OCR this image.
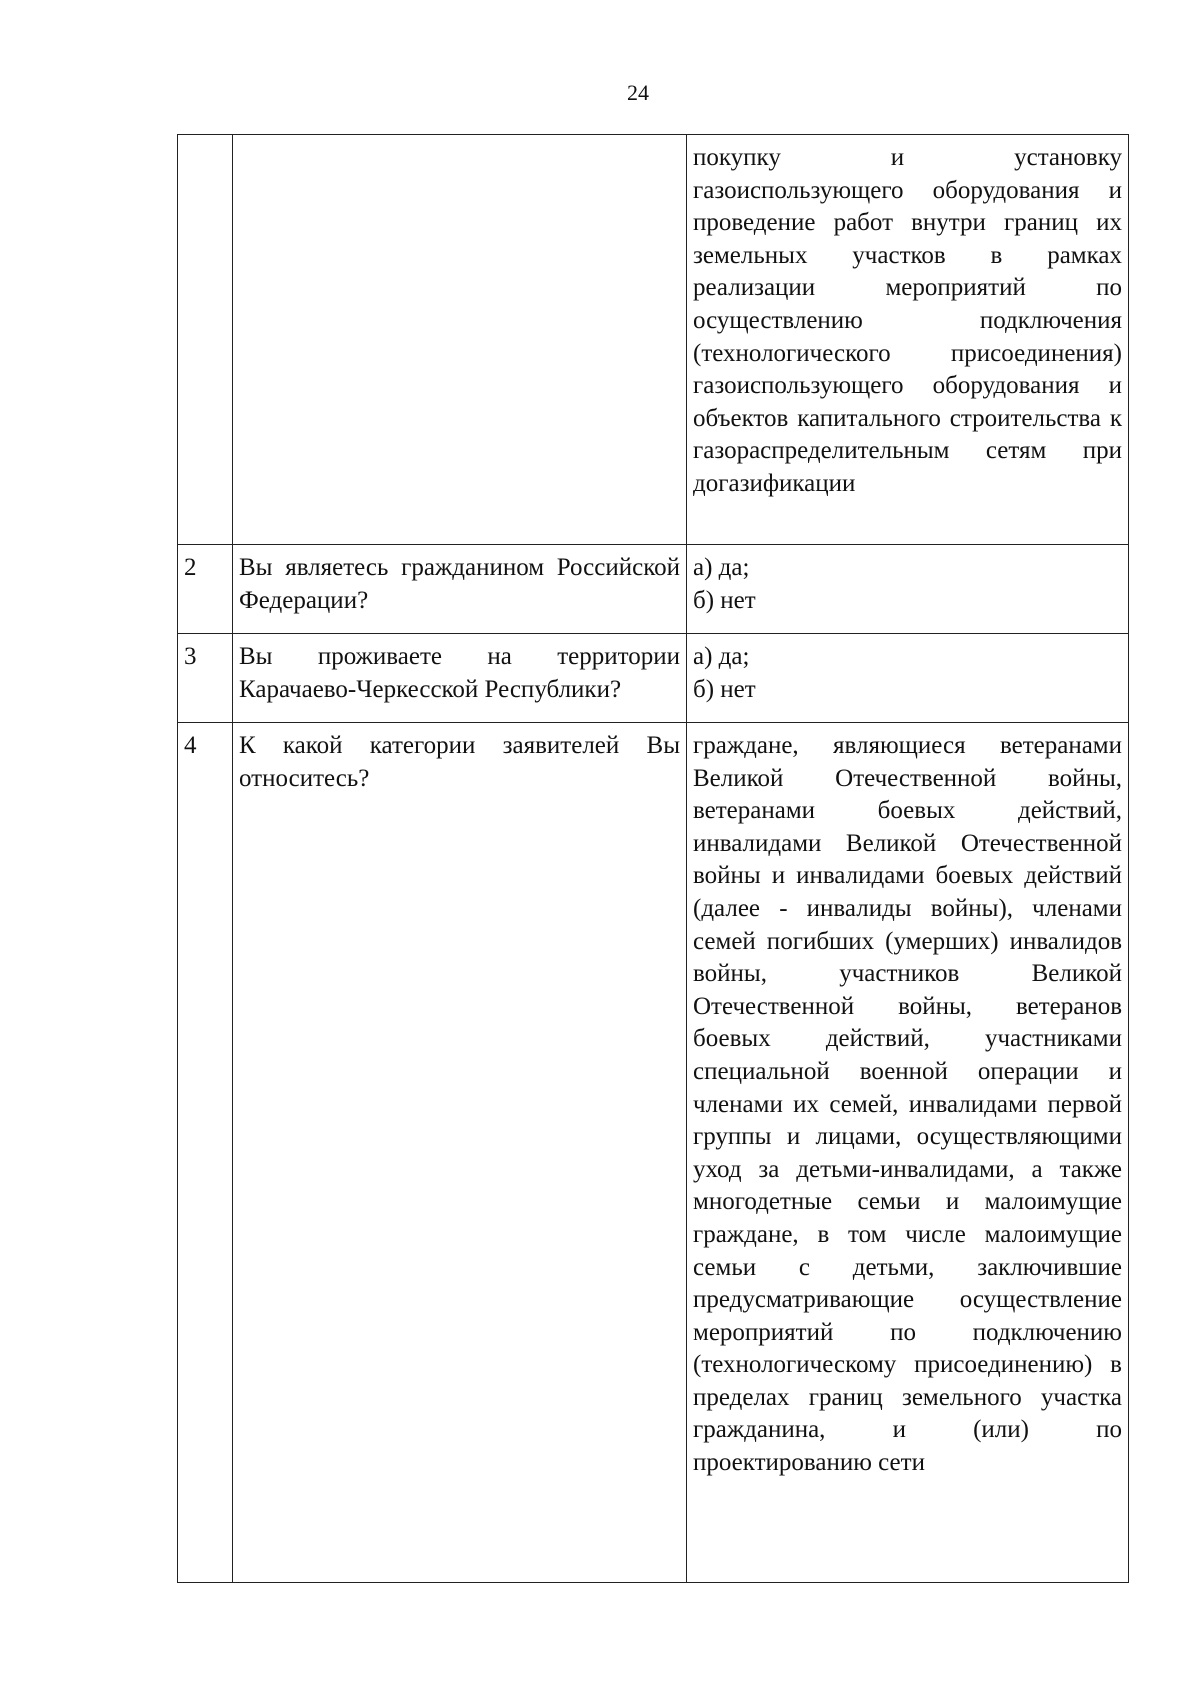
24
		покупку и установку газоиспользующего оборудования и проведение работ внутри границ их земельных участков в рамках реализации мероприятий по осуществлению подключения (технологического присоединения) газоиспользующего оборудования и объектов капитального строительства к газораспределительным сетям при догазификации
2	Вы являетесь гражданином Российской Федерации?	а) да;
б) нет

3	Вы проживаете на территории Карачаево-Черкесской Республики?	а) да;
б) нет

4	К какой категории заявителей Вы относитесь?	граждане, являющиеся ветеранами Великой Отечественной войны, ветеранами боевых действий, инвалидами Великой Отечественной войны и инвалидами боевых действий (далее - инвалиды войны), членами семей погибших (умерших) инвалидов войны, участников Великой Отечественной войны, ветеранов боевых действий, участниками специальной военной операции и членами их семей, инвалидами первой группы и лицами, осуществляющими уход за детьми-инвалидами, а также многодетные семьи и малоимущие граждане, в том числе малоимущие семьи с детьми, заключившие предусматривающие осуществление мероприятий по подключению (технологическому присоединению) в пределах границ земельного участка гражданина, и (или) по проектированию сети
